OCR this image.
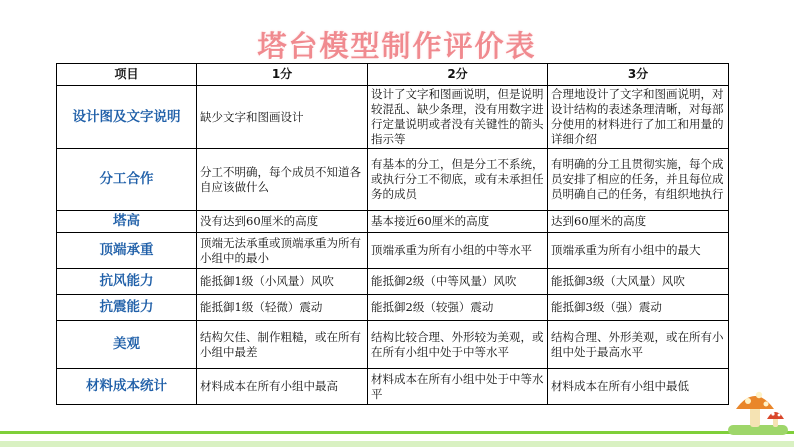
塔台模型制作评价表
项目	1分	2分	3分
设计图及文字说明	缺少文字和图画设计	设计了文字和图画说明，但是说明较混乱、缺少条理，没有用数字进行定量说明或者没有关键性的箭头指示等	合理地设计了文字和图画说明，对设计结构的表述条理清晰，对每部分使用的材料进行了加工和用量的详细介绍
分工合作	分工不明确，每个成员不知道各自应该做什么	有基本的分工，但是分工不系统，或执行分工不彻底，或有未承担任务的成员	有明确的分工且贯彻实施，每个成员安排了相应的任务，并且每位成员明确自己的任务，有组织地执行
塔高	没有达到60厘米的高度	基本接近60厘米的高度	达到60厘米的高度
顶端承重	顶端无法承重或顶端承重为所有小组中的最小	顶端承重为所有小组的中等水平	顶端承重为所有小组中的最大
抗风能力	能抵御1级（小风量）风吹	能抵御2级（中等风量）风吹	能抵御3级（大风量）风吹
抗震能力	能抵御1级（轻微）震动	能抵御2级（较强）震动	能抵御3级（强）震动
美观	结构欠佳、制作粗糙，或在所有小组中最差	结构比较合理、外形较为美观，或在所有小组中处于中等水平	结构合理、外形美观，或在所有小组中处于最高水平
材料成本统计	材料成本在所有小组中最高	材料成本在所有小组中处于中等水平	材料成本在所有小组中最低
